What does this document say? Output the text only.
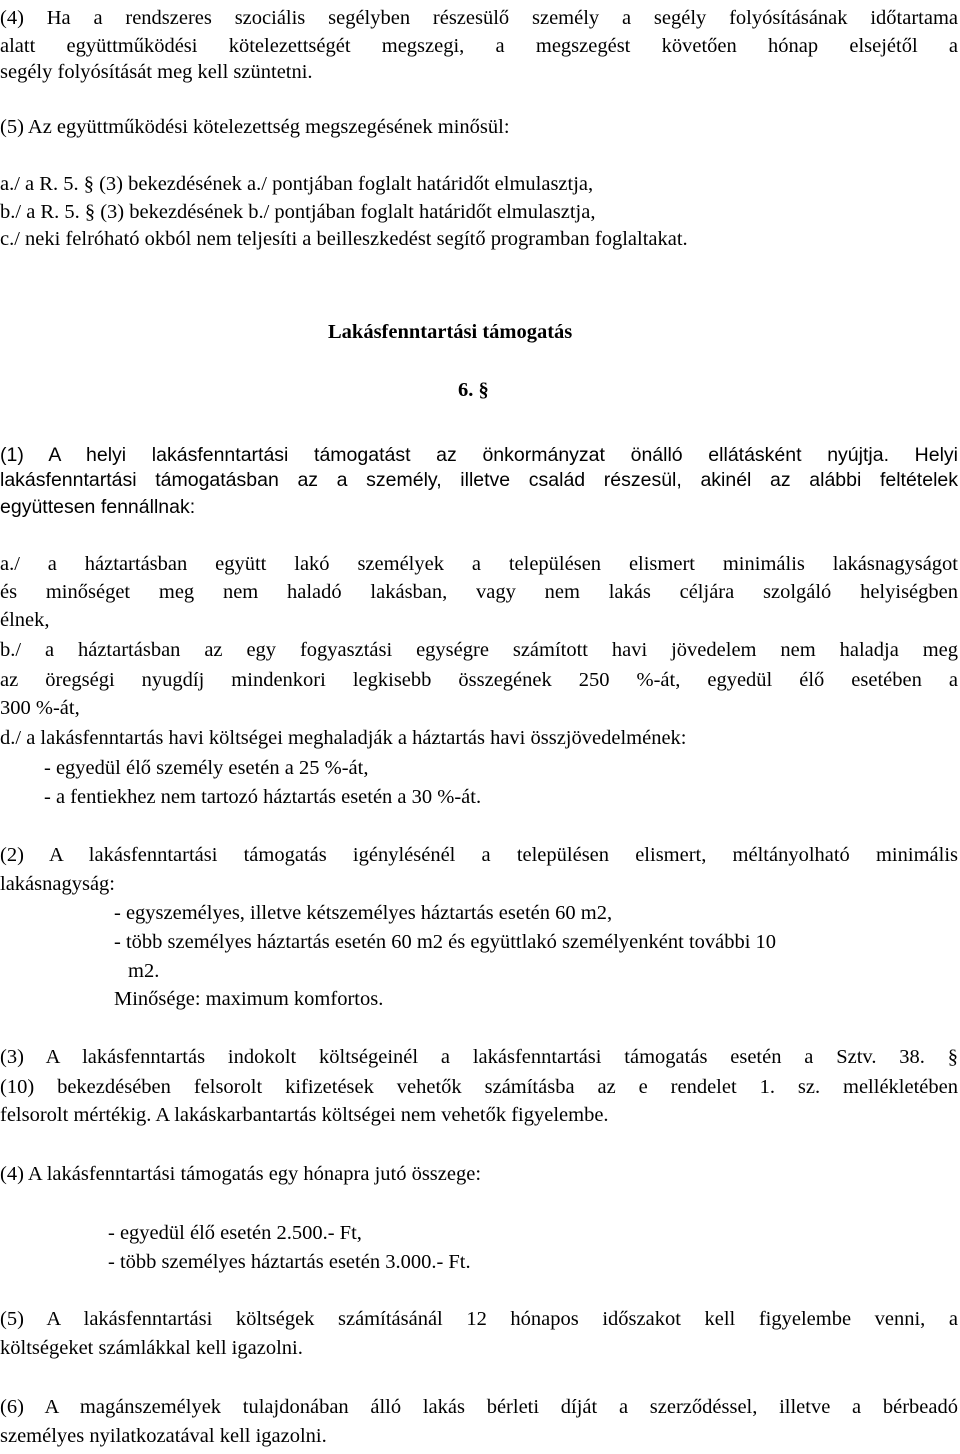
(4) Ha a rendszeres szociális segélyben részesülő személy a segély folyósításának időtartama
alatt együttműködési kötelezettségét megszegi, a megszegést követően hónap elsejétől a
segély folyósítását meg kell szüntetni.
(5) Az együttműködési kötelezettség megszegésének minősül:
a./ a R. 5. § (3) bekezdésének a./ pontjában foglalt határidőt elmulasztja,
b./ a R. 5. § (3) bekezdésének b./ pontjában foglalt határidőt elmulasztja,
c./ neki felróható okból nem teljesíti a beilleszkedést segítő programban foglaltakat.
Lakásfenntartási támogatás
6. §
(1) A helyi lakásfenntartási támogatást az önkormányzat önálló ellátásként nyújtja. Helyi
lakásfenntartási támogatásban az a személy, illetve család részesül, akinél az alábbi feltételek
együttesen fennállnak:
a./ a háztartásban együtt lakó személyek a településen elismert minimális lakásnagyságot
és minőséget meg nem haladó lakásban, vagy nem lakás céljára szolgáló helyiségben
élnek,
b./ a háztartásban az egy fogyasztási egységre számított havi jövedelem nem haladja meg
az öregségi nyugdíj mindenkori legkisebb összegének 250 %-át, egyedül élő esetében a
300 %-át,
d./ a lakásfenntartás havi költségei meghaladják a háztartás havi összjövedelmének:
- egyedül élő személy esetén a 25 %-át,
- a fentiekhez nem tartozó háztartás esetén a 30 %-át.
(2) A lakásfenntartási támogatás igénylésénél a településen elismert, méltányolható minimális
lakásnagyság:
- egyszemélyes, illetve kétszemélyes háztartás esetén 60 m2,
- több személyes háztartás esetén 60 m2 és együttlakó személyenként további 10
m2.
Minősége: maximum komfortos.
(3) A lakásfenntartás indokolt költségeinél a lakásfenntartási támogatás esetén a Sztv. 38. §
(10) bekezdésében felsorolt kifizetések vehetők számításba az e rendelet 1. sz. mellékletében
felsorolt mértékig. A lakáskarbantartás költségei nem vehetők figyelembe.
(4) A lakásfenntartási támogatás egy hónapra jutó összege:
- egyedül élő esetén 2.500.- Ft,
- több személyes háztartás esetén 3.000.- Ft.
(5) A lakásfenntartási költségek számításánál 12 hónapos időszakot kell figyelembe venni, a
költségeket számlákkal kell igazolni.
(6) A magánszemélyek tulajdonában álló lakás bérleti díját a szerződéssel, illetve a bérbeadó
személyes nyilatkozatával kell igazolni.
